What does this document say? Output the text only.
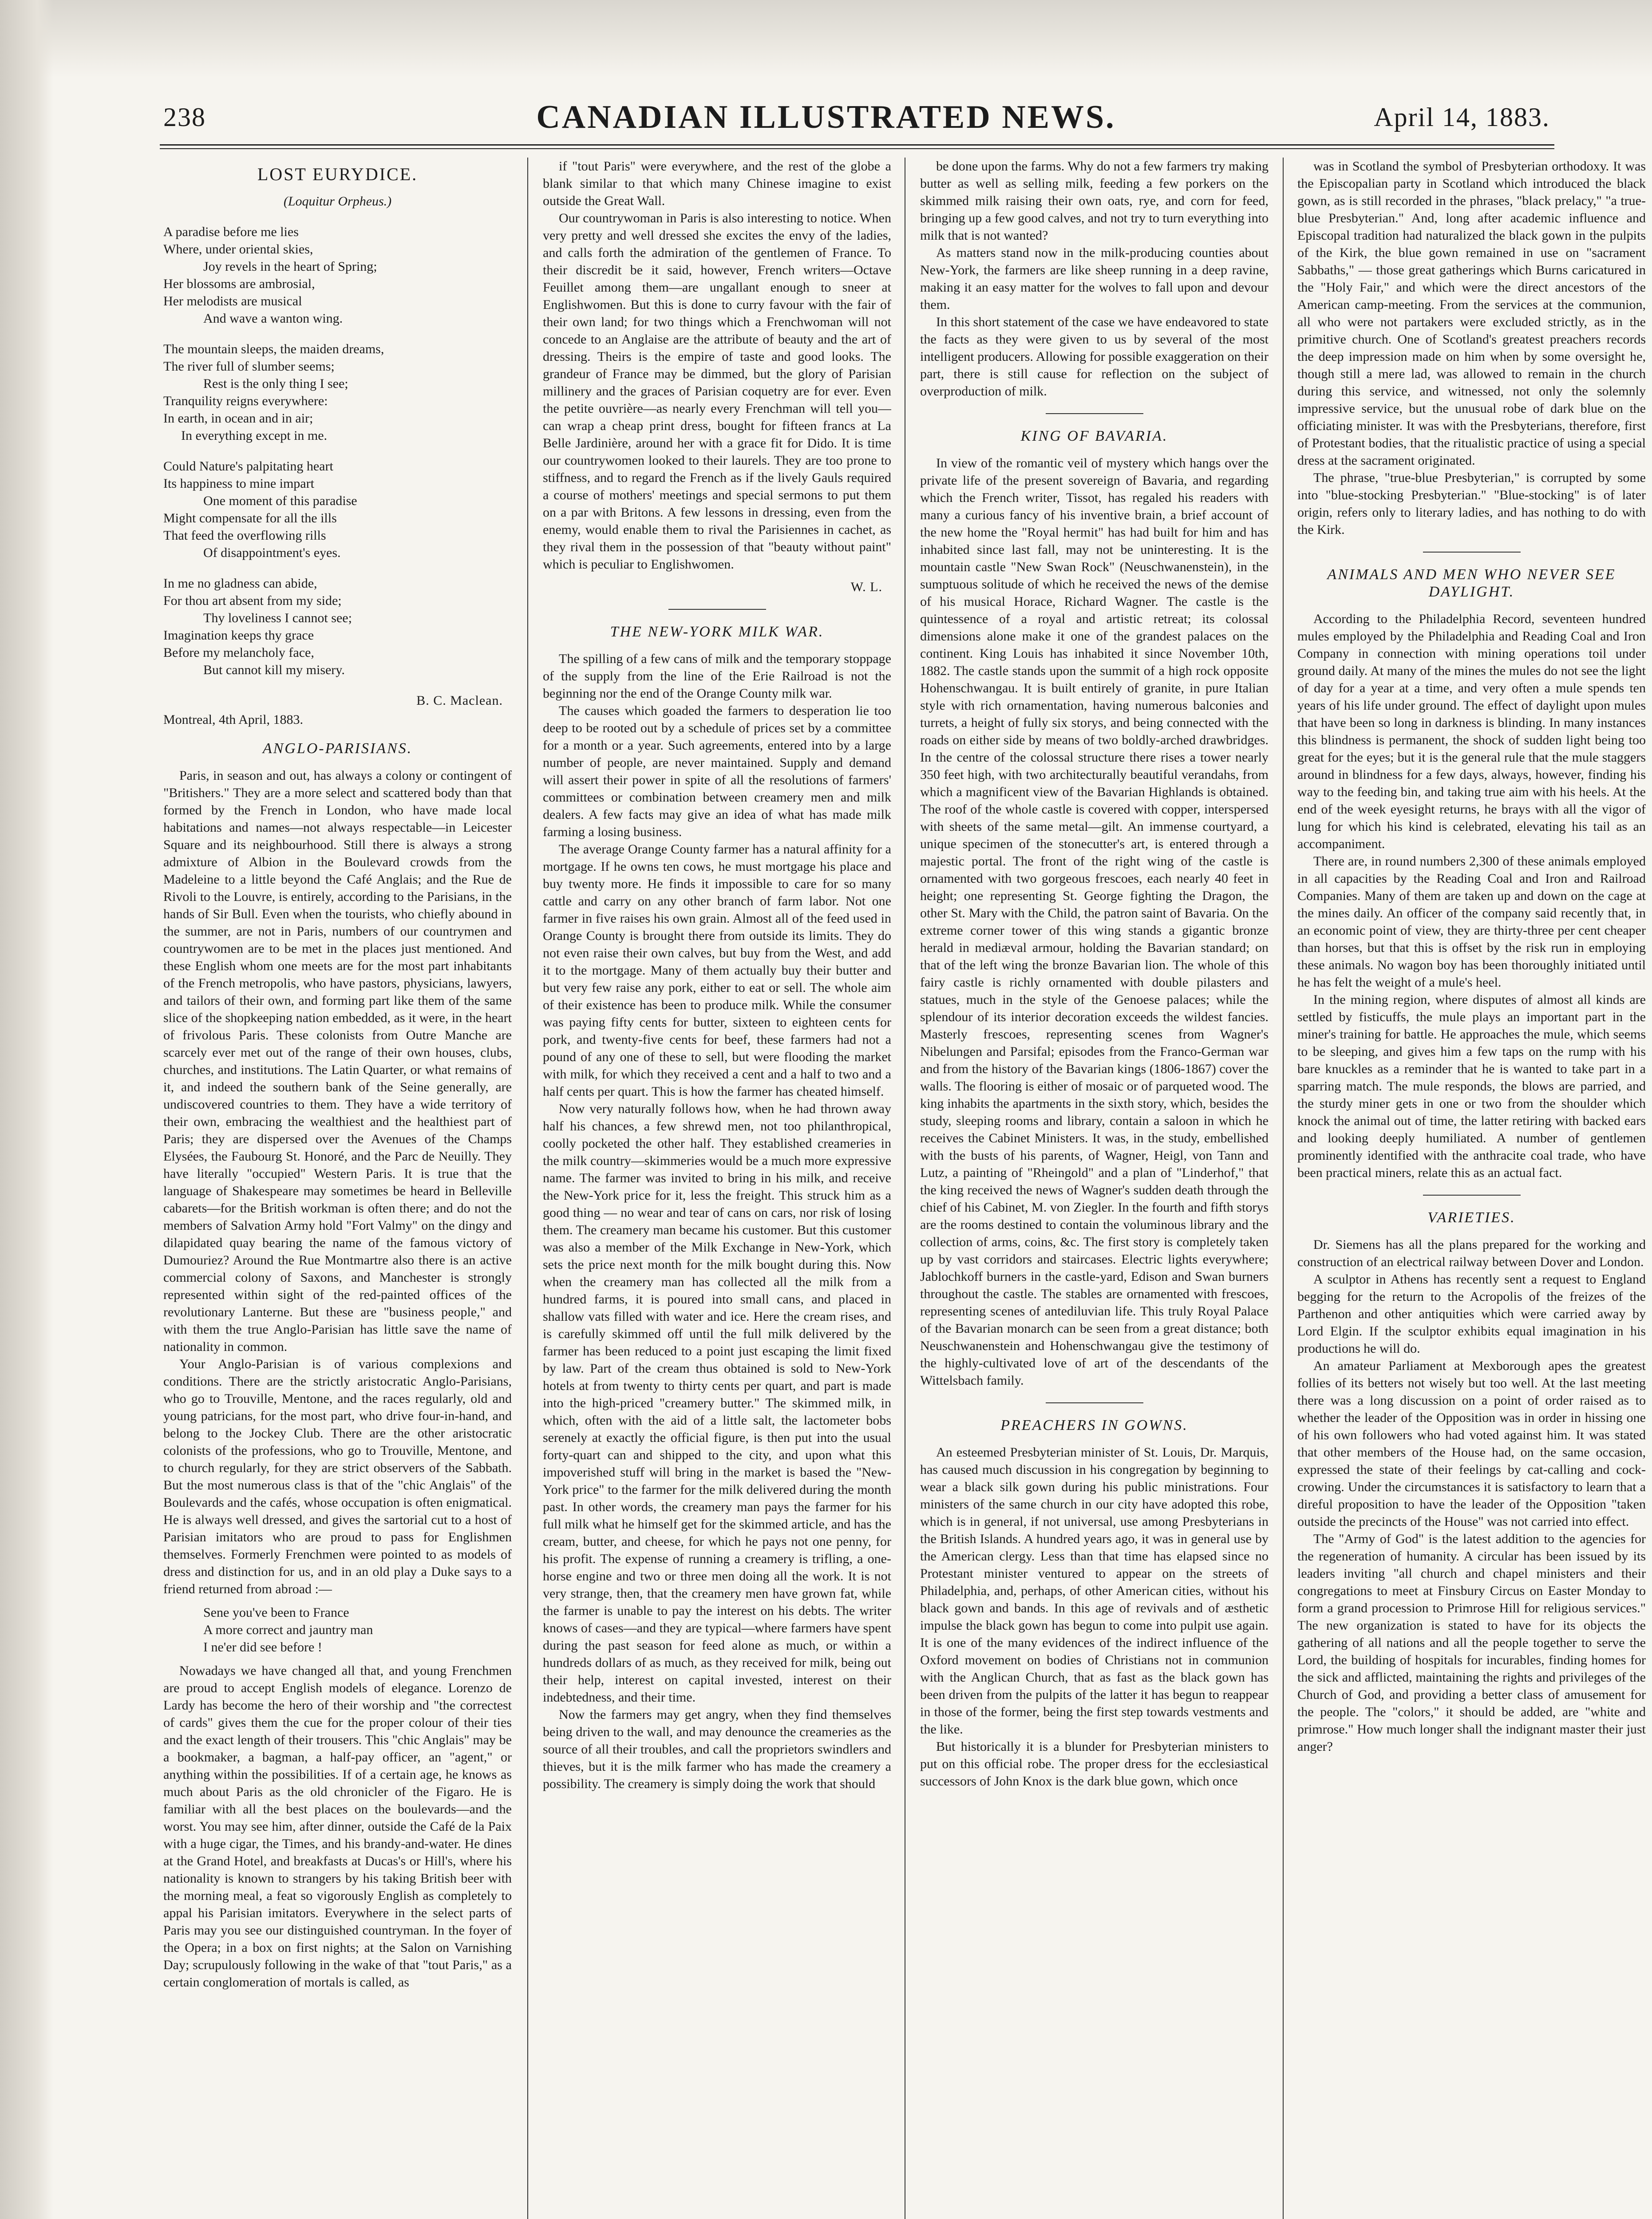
238	CANADIAN ILLUSTRATED NEWS.	April 14, 1883.
LOST EURYDICE.
(Loquitur Orpheus.)

A paradise before me lies

Where, under oriental skies,

Joy revels in the heart of Spring;

Her blossoms are ambrosial,

Her melodists are musical

And wave a wanton wing.

The mountain sleeps, the maiden dreams,

The river full of slumber seems;

Rest is the only thing I see;

Tranquility reigns everywhere:

In earth, in ocean and in air;

In everything except in me.

Could Nature's palpitating heart

Its happiness to mine impart

One moment of this paradise

Might compensate for all the ills

That feed the overflowing rills

Of disappointment's eyes.

In me no gladness can abide,

For thou art absent from my side;

Thy loveliness I cannot see;

Imagination keeps thy grace

Before my melancholy face,

But cannot kill my misery.

B. C. Maclean.
Montreal, 4th April, 1883.
ANGLO-PARISIANS.

Paris, in season and out, has always a colony or contingent of "Britishers." They are a more select and scattered body than that formed by the French in London, who have made local habitations and names—not always respectable—in Leicester Square and its neighbourhood. Still there is always a strong admixture of Albion in the Boulevard crowds from the Madeleine to a little beyond the Café Anglais; and the Rue de Rivoli to the Louvre, is entirely, according to the Parisians, in the hands of Sir Bull. Even when the tourists, who chiefly abound in the summer, are not in Paris, numbers of our countrymen and countrywomen are to be met in the places just mentioned. And these English whom one meets are for the most part inhabitants of the French metropolis, who have pastors, physicians, lawyers, and tailors of their own, and forming part like them of the same slice of the shopkeeping nation embedded, as it were, in the heart of frivolous Paris. These colonists from Outre Manche are scarcely ever met out of the range of their own houses, clubs, churches, and institutions. The Latin Quarter, or what remains of it, and indeed the southern bank of the Seine generally, are undiscovered countries to them. They have a wide territory of their own, embracing the wealthiest and the healthiest part of Paris; they are dispersed over the Avenues of the Champs Elysées, the Faubourg St. Honoré, and the Parc de Neuilly. They have literally "occupied" Western Paris. It is true that the language of Shakespeare may sometimes be heard in Belleville cabarets—for the British workman is often there; and do not the members of Salvation Army hold "Fort Valmy" on the dingy and dilapidated quay bearing the name of the famous victory of Dumouriez? Around the Rue Montmartre also there is an active commercial colony of Saxons, and Manchester is strongly represented within sight of the red-painted offices of the revolutionary Lanterne. But these are "business people," and with them the true Anglo-Parisian has little save the name of nationality in common.

Your Anglo-Parisian is of various complexions and conditions. There are the strictly aristocratic Anglo-Parisians, who go to Trouville, Mentone, and the races regularly, old and young patricians, for the most part, who drive four-in-hand, and belong to the Jockey Club. There are the other aristocratic colonists of the professions, who go to Trouville, Mentone, and to church regularly, for they are strict observers of the Sabbath. But the most numerous class is that of the "chic Anglais" of the Boulevards and the cafés, whose occupation is often enigmatical. He is always well dressed, and gives the sartorial cut to a host of Parisian imitators who are proud to pass for Englishmen themselves. Formerly Frenchmen were pointed to as models of dress and distinction for us, and in an old play a Duke says to a friend returned from abroad :—

Sene you've been to France

A more correct and jauntry man

I ne'er did see before !

Nowadays we have changed all that, and young Frenchmen are proud to accept English models of elegance. Lorenzo de Lardy has become the hero of their worship and "the correctest of cards" gives them the cue for the proper colour of their ties and the exact length of their trousers. This "chic Anglais" may be a bookmaker, a bagman, a half-pay officer, an "agent," or anything within the possibilities. If of a certain age, he knows as much about Paris as the old chronicler of the Figaro. He is familiar with all the best places on the boulevards—and the worst. You may see him, after dinner, outside the Café de la Paix with a huge cigar, the Times, and his brandy-and-water. He dines at the Grand Hotel, and breakfasts at Ducas's or Hill's, where his nationality is known to strangers by his taking British beer with the morning meal, a feat so vigorously English as completely to appal his Parisian imitators. Everywhere in the select parts of Paris may you see our distinguished countryman. In the foyer of the Opera; in a box on first nights; at the Salon on Varnishing Day; scrupulously following in the wake of that "tout Paris," as a certain conglomeration of mortals is called, as

if "tout Paris" were everywhere, and the rest of the globe a blank similar to that which many Chinese imagine to exist outside the Great Wall.

Our countrywoman in Paris is also interesting to notice. When very pretty and well dressed she excites the envy of the ladies, and calls forth the admiration of the gentlemen of France. To their discredit be it said, however, French writers—Octave Feuillet among them—are ungallant enough to sneer at Englishwomen. But this is done to curry favour with the fair of their own land; for two things which a Frenchwoman will not concede to an Anglaise are the attribute of beauty and the art of dressing. Theirs is the empire of taste and good looks. The grandeur of France may be dimmed, but the glory of Parisian millinery and the graces of Parisian coquetry are for ever. Even the petite ouvrière—as nearly every Frenchman will tell you—can wrap a cheap print dress, bought for fifteen francs at La Belle Jardinière, around her with a grace fit for Dido. It is time our countrywomen looked to their laurels. They are too prone to stiffness, and to regard the French as if the lively Gauls required a course of mothers' meetings and special sermons to put them on a par with Britons. A few lessons in dressing, even from the enemy, would enable them to rival the Parisiennes in cachet, as they rival them in the possession of that "beauty without paint" which is peculiar to Englishwomen.

W. L.
THE NEW-YORK MILK WAR.

The spilling of a few cans of milk and the temporary stoppage of the supply from the line of the Erie Railroad is not the beginning nor the end of the Orange County milk war.

The causes which goaded the farmers to desperation lie too deep to be rooted out by a schedule of prices set by a committee for a month or a year. Such agreements, entered into by a large number of people, are never maintained. Supply and demand will assert their power in spite of all the resolutions of farmers' committees or combination between creamery men and milk dealers. A few facts may give an idea of what has made milk farming a losing business.

The average Orange County farmer has a natural affinity for a mortgage. If he owns ten cows, he must mortgage his place and buy twenty more. He finds it impossible to care for so many cattle and carry on any other branch of farm labor. Not one farmer in five raises his own grain. Almost all of the feed used in Orange County is brought there from outside its limits. They do not even raise their own calves, but buy from the West, and add it to the mortgage. Many of them actually buy their butter and but very few raise any pork, either to eat or sell. The whole aim of their existence has been to produce milk. While the consumer was paying fifty cents for butter, sixteen to eighteen cents for pork, and twenty-five cents for beef, these farmers had not a pound of any one of these to sell, but were flooding the market with milk, for which they received a cent and a half to two and a half cents per quart. This is how the farmer has cheated himself.

Now very naturally follows how, when he had thrown away half his chances, a few shrewd men, not too philanthropical, coolly pocketed the other half. They established creameries in the milk country—skimmeries would be a much more expressive name. The farmer was invited to bring in his milk, and receive the New-York price for it, less the freight. This struck him as a good thing — no wear and tear of cans on cars, nor risk of losing them. The creamery man became his customer. But this customer was also a member of the Milk Exchange in New-York, which sets the price next month for the milk bought during this. Now when the creamery man has collected all the milk from a hundred farms, it is poured into small cans, and placed in shallow vats filled with water and ice. Here the cream rises, and is carefully skimmed off until the full milk delivered by the farmer has been reduced to a point just escaping the limit fixed by law. Part of the cream thus obtained is sold to New-York hotels at from twenty to thirty cents per quart, and part is made into the high-priced "creamery butter." The skimmed milk, in which, often with the aid of a little salt, the lactometer bobs serenely at exactly the official figure, is then put into the usual forty-quart can and shipped to the city, and upon what this impoverished stuff will bring in the market is based the "New-York price" to the farmer for the milk delivered during the month past. In other words, the creamery man pays the farmer for his full milk what he himself get for the skimmed article, and has the cream, butter, and cheese, for which he pays not one penny, for his profit. The expense of running a creamery is trifling, a one-horse engine and two or three men doing all the work. It is not very strange, then, that the creamery men have grown fat, while the farmer is unable to pay the interest on his debts. The writer knows of cases—and they are typical—where farmers have spent during the past season for feed alone as much, or within a hundreds dollars of as much, as they received for milk, being out their help, interest on capital invested, interest on their indebtedness, and their time.

Now the farmers may get angry, when they find themselves being driven to the wall, and may denounce the creameries as the source of all their troubles, and call the proprietors swindlers and thieves, but it is the milk farmer who has made the creamery a possibility. The creamery is simply doing the work that should

be done upon the farms. Why do not a few farmers try making butter as well as selling milk, feeding a few porkers on the skimmed milk raising their own oats, rye, and corn for feed, bringing up a few good calves, and not try to turn everything into milk that is not wanted?

As matters stand now in the milk-producing counties about New-York, the farmers are like sheep running in a deep ravine, making it an easy matter for the wolves to fall upon and devour them.

In this short statement of the case we have endeavored to state the facts as they were given to us by several of the most intelligent producers. Allowing for possible exaggeration on their part, there is still cause for reflection on the subject of overproduction of milk.

KING OF BAVARIA.

In view of the romantic veil of mystery which hangs over the private life of the present sovereign of Bavaria, and regarding which the French writer, Tissot, has regaled his readers with many a curious fancy of his inventive brain, a brief account of the new home the "Royal hermit" has had built for him and has inhabited since last fall, may not be uninteresting. It is the mountain castle "New Swan Rock" (Neuschwanenstein), in the sumptuous solitude of which he received the news of the demise of his musical Horace, Richard Wagner. The castle is the quintessence of a royal and artistic retreat; its colossal dimensions alone make it one of the grandest palaces on the continent. King Louis has inhabited it since November 10th, 1882. The castle stands upon the summit of a high rock opposite Hohenschwangau. It is built entirely of granite, in pure Italian style with rich ornamentation, having numerous balconies and turrets, a height of fully six storys, and being connected with the roads on either side by means of two boldly-arched drawbridges. In the centre of the colossal structure there rises a tower nearly 350 feet high, with two architecturally beautiful verandahs, from which a magnificent view of the Bavarian Highlands is obtained. The roof of the whole castle is covered with copper, interspersed with sheets of the same metal—gilt. An immense courtyard, a unique specimen of the stonecutter's art, is entered through a majestic portal. The front of the right wing of the castle is ornamented with two gorgeous frescoes, each nearly 40 feet in height; one representing St. George fighting the Dragon, the other St. Mary with the Child, the patron saint of Bavaria. On the extreme corner tower of this wing stands a gigantic bronze herald in mediæval armour, holding the Bavarian standard; on that of the left wing the bronze Bavarian lion. The whole of this fairy castle is richly ornamented with double pilasters and statues, much in the style of the Genoese palaces; while the splendour of its interior decoration exceeds the wildest fancies. Masterly frescoes, representing scenes from Wagner's Nibelungen and Parsifal; episodes from the Franco-German war and from the history of the Bavarian kings (1806-1867) cover the walls. The flooring is either of mosaic or of parqueted wood. The king inhabits the apartments in the sixth story, which, besides the study, sleeping rooms and library, contain a saloon in which he receives the Cabinet Ministers. It was, in the study, embellished with the busts of his parents, of Wagner, Heigl, von Tann and Lutz, a painting of "Rheingold" and a plan of "Linderhof," that the king received the news of Wagner's sudden death through the chief of his Cabinet, M. von Ziegler. In the fourth and fifth storys are the rooms destined to contain the voluminous library and the collection of arms, coins, &c. The first story is completely taken up by vast corridors and staircases. Electric lights everywhere; Jablochkoff burners in the castle-yard, Edison and Swan burners throughout the castle. The stables are ornamented with frescoes, representing scenes of antediluvian life. This truly Royal Palace of the Bavarian monarch can be seen from a great distance; both Neuschwanenstein and Hohenschwangau give the testimony of the highly-cultivated love of art of the descendants of the Wittelsbach family.

PREACHERS IN GOWNS.

An esteemed Presbyterian minister of St. Louis, Dr. Marquis, has caused much discussion in his congregation by beginning to wear a black silk gown during his public ministrations. Four ministers of the same church in our city have adopted this robe, which is in general, if not universal, use among Presbyterians in the British Islands. A hundred years ago, it was in general use by the American clergy. Less than that time has elapsed since no Protestant minister ventured to appear on the streets of Philadelphia, and, perhaps, of other American cities, without his black gown and bands. In this age of revivals and of æsthetic impulse the black gown has begun to come into pulpit use again. It is one of the many evidences of the indirect influence of the Oxford movement on bodies of Christians not in communion with the Anglican Church, that as fast as the black gown has been driven from the pulpits of the latter it has begun to reappear in those of the former, being the first step towards vestments and the like.

But historically it is a blunder for Presbyterian ministers to put on this official robe. The proper dress for the ecclesiastical successors of John Knox is the dark blue gown, which once

was in Scotland the symbol of Presbyterian orthodoxy. It was the Episcopalian party in Scotland which introduced the black gown, as is still recorded in the phrases, "black prelacy," "a true-blue Presbyterian." And, long after academic influence and Episcopal tradition had naturalized the black gown in the pulpits of the Kirk, the blue gown remained in use on "sacrament Sabbaths," — those great gatherings which Burns caricatured in the "Holy Fair," and which were the direct ancestors of the American camp-meeting. From the services at the communion, all who were not partakers were excluded strictly, as in the primitive church. One of Scotland's greatest preachers records the deep impression made on him when by some oversight he, though still a mere lad, was allowed to remain in the church during this service, and witnessed, not only the solemnly impressive service, but the unusual robe of dark blue on the officiating minister. It was with the Presbyterians, therefore, first of Protestant bodies, that the ritualistic practice of using a special dress at the sacrament originated.

The phrase, "true-blue Presbyterian," is corrupted by some into "blue-stocking Presbyterian." "Blue-stocking" is of later origin, refers only to literary ladies, and has nothing to do with the Kirk.

ANIMALS AND MEN WHO NEVER SEE DAYLIGHT.

According to the Philadelphia Record, seventeen hundred mules employed by the Philadelphia and Reading Coal and Iron Company in connection with mining operations toil under ground daily. At many of the mines the mules do not see the light of day for a year at a time, and very often a mule spends ten years of his life under ground. The effect of daylight upon mules that have been so long in darkness is blinding. In many instances this blindness is permanent, the shock of sudden light being too great for the eyes; but it is the general rule that the mule staggers around in blindness for a few days, always, however, finding his way to the feeding bin, and taking true aim with his heels. At the end of the week eyesight returns, he brays with all the vigor of lung for which his kind is celebrated, elevating his tail as an accompaniment.

There are, in round numbers 2,300 of these animals employed in all capacities by the Reading Coal and Iron and Railroad Companies. Many of them are taken up and down on the cage at the mines daily. An officer of the company said recently that, in an economic point of view, they are thirty-three per cent cheaper than horses, but that this is offset by the risk run in employing these animals. No wagon boy has been thoroughly initiated until he has felt the weight of a mule's heel.

In the mining region, where disputes of almost all kinds are settled by fisticuffs, the mule plays an important part in the miner's training for battle. He approaches the mule, which seems to be sleeping, and gives him a few taps on the rump with his bare knuckles as a reminder that he is wanted to take part in a sparring match. The mule responds, the blows are parried, and the sturdy miner gets in one or two from the shoulder which knock the animal out of time, the latter retiring with backed ears and looking deeply humiliated. A number of gentlemen prominently identified with the anthracite coal trade, who have been practical miners, relate this as an actual fact.

VARIETIES.

Dr. Siemens has all the plans prepared for the working and construction of an electrical railway between Dover and London.

A sculptor in Athens has recently sent a request to England begging for the return to the Acropolis of the freizes of the Parthenon and other antiquities which were carried away by Lord Elgin. If the sculptor exhibits equal imagination in his productions he will do.

An amateur Parliament at Mexborough apes the greatest follies of its betters not wisely but too well. At the last meeting there was a long discussion on a point of order raised as to whether the leader of the Opposition was in order in hissing one of his own followers who had voted against him. It was stated that other members of the House had, on the same occasion, expressed the state of their feelings by cat-calling and cock-crowing. Under the circumstances it is satisfactory to learn that a direful proposition to have the leader of the Opposition "taken outside the precincts of the House" was not carried into effect.

The "Army of God" is the latest addition to the agencies for the regeneration of humanity. A circular has been issued by its leaders inviting "all church and chapel ministers and their congregations to meet at Finsbury Circus on Easter Monday to form a grand procession to Primrose Hill for religious services." The new organization is stated to have for its objects the gathering of all nations and all the people together to serve the Lord, the building of hospitals for incurables, finding homes for the sick and afflicted, maintaining the rights and privileges of the Church of God, and providing a better class of amusement for the people. The "colors," it should be added, are "white and primrose." How much longer shall the indignant master their just anger?
